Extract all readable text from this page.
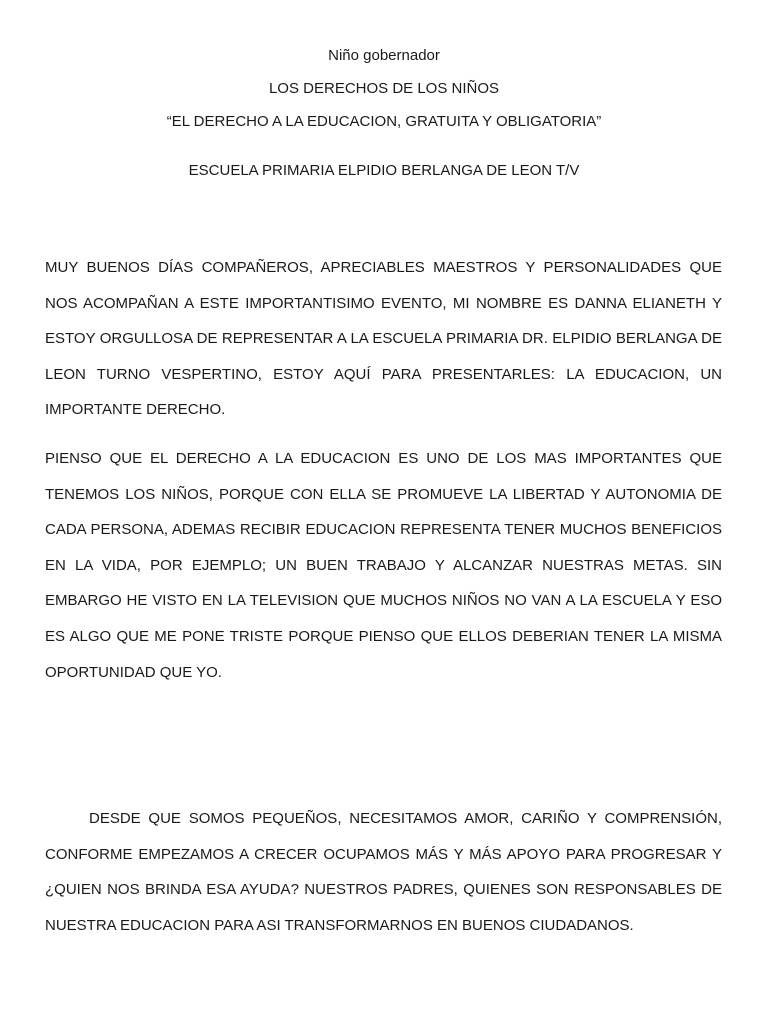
Niño gobernador
LOS DERECHOS DE LOS NIÑOS
“EL DERECHO A LA EDUCACION, GRATUITA Y OBLIGATORIA”
ESCUELA PRIMARIA ELPIDIO BERLANGA DE LEON T/V

MUY BUENOS DÍAS COMPAÑEROS, APRECIABLES MAESTROS Y PERSONALIDADES QUE NOS ACOMPAÑAN A ESTE IMPORTANTISIMO EVENTO, MI NOMBRE ES DANNA ELIANETH Y ESTOY ORGULLOSA DE REPRESENTAR A LA ESCUELA PRIMARIA DR. ELPIDIO BERLANGA DE LEON TURNO VESPERTINO, ESTOY AQUÍ PARA PRESENTARLES: LA EDUCACION, UN IMPORTANTE DERECHO.

PIENSO QUE EL DERECHO A LA EDUCACION ES UNO DE LOS MAS IMPORTANTES QUE TENEMOS LOS NIÑOS, PORQUE CON ELLA SE PROMUEVE LA LIBERTAD Y AUTONOMIA DE CADA PERSONA, ADEMAS RECIBIR EDUCACION REPRESENTA TENER MUCHOS BENEFICIOS EN LA VIDA, POR EJEMPLO; UN BUEN TRABAJO Y ALCANZAR NUESTRAS METAS. SIN EMBARGO HE VISTO EN LA TELEVISION QUE MUCHOS NIÑOS NO VAN A LA ESCUELA Y ESO ES ALGO QUE ME PONE TRISTE PORQUE PIENSO QUE ELLOS DEBERIAN TENER LA MISMA OPORTUNIDAD QUE YO.

DESDE QUE SOMOS PEQUEÑOS, NECESITAMOS AMOR, CARIÑO Y COMPRENSIÓN, CONFORME EMPEZAMOS A CRECER OCUPAMOS MÁS Y MÁS APOYO PARA PROGRESAR Y ¿QUIEN NOS BRINDA ESA AYUDA? NUESTROS PADRES, QUIENES SON RESPONSABLES DE NUESTRA EDUCACION PARA ASI TRANSFORMARNOS EN BUENOS CIUDADANOS.
